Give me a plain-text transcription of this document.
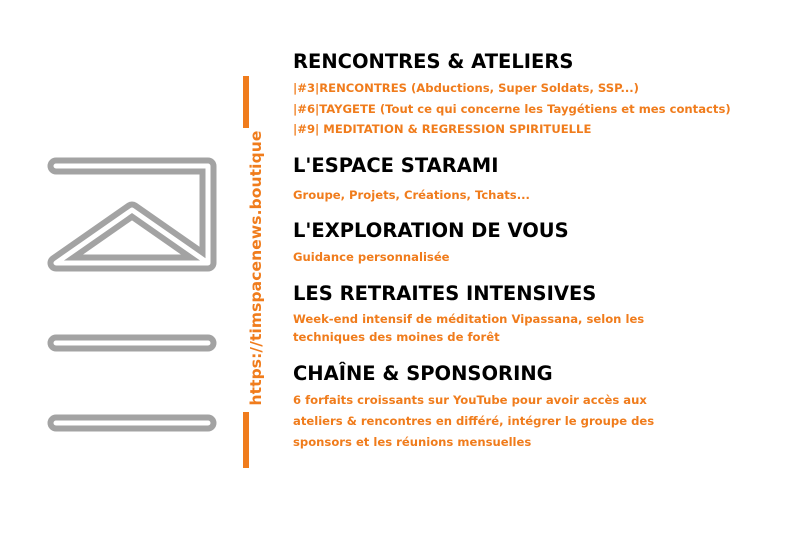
https://timspacenews.boutique
RENCONTRES & ATELIERS
|#3|RENCONTRES (Abductions, Super Soldats, SSP...)
|#6|TAYGETE (Tout ce qui concerne les Taygétiens et mes contacts)
|#9| MEDITATION & REGRESSION SPIRITUELLE
L'ESPACE STARAMI
Groupe, Projets, Créations, Tchats...
L'EXPLORATION DE VOUS
Guidance personnalisée
LES RETRAITES INTENSIVES
Week-end intensif de méditation Vipassana, selon les
techniques des moines de forêt
CHAÎNE & SPONSORING
6 forfaits croissants sur YouTube pour avoir accès aux
ateliers & rencontres en différé, intégrer le groupe des
sponsors et les réunions mensuelles
